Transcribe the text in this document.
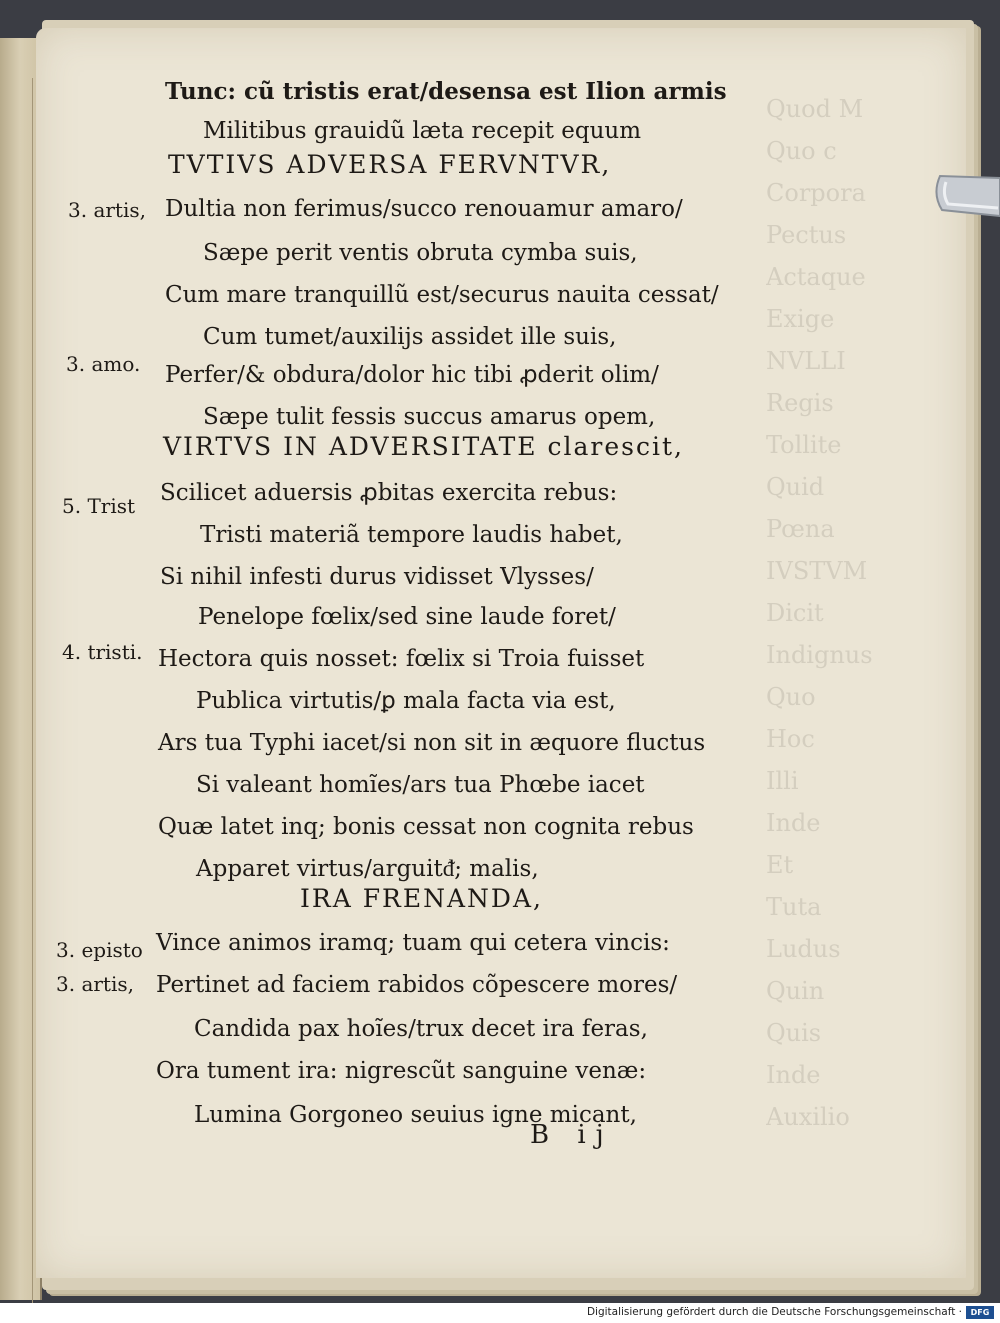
Quod M
Quo c
Corpora
Pectus
Actaque
Exige
NVLLI
Regis
Tollite
Quid
Pœna
IVSTVM
Dicit
Indignus
Quo
Hoc
Illi
Inde
Et
Tuta
Ludus
Quin
Quis
Inde
Auxilio
Tunc: cũ tristis erat/desensa est Ilion armis
Militibus grauidũ læta recepit equum
TVTIVS ADVERSA FERVNTVR,
Dultia non ferimus/succo renouamur amaro/
Sæpe perit ventis obruta cymba suis,
Cum mare tranquillũ est/securus nauita cessat/
Cum tumet/auxilijs assidet ille suis,
Perfer/& obdura/dolor hic tibi ꝓderit olim/
Sæpe tulit fessis succus amarus opem,
VIRTVS IN ADVERSITATE clarescit,
Scilicet aduersis ꝓbitas exercita rebus:
Tristi materiã tempore laudis habet,
Si nihil infesti durus vidisset Vlysses/
Penelope fœlix/sed sine laude foret/
Hectora quis nosset: fœlix si Troia fuisset
Publica virtutis/ꝑ mala facta via est,
Ars tua Typhi iacet/si non sit in æquore fluctus
Si valeant homĩes/ars tua Phœbe iacet
Quæ latet inq; bonis cessat non cognita rebus
Apparet virtus/arguitᵭ; malis,
IRA FRENANDA,
Vince animos iramq; tuam qui cetera vincis:
Pertinet ad faciem rabidos cõpescere mores/
Candida pax hoĩes/trux decet ira feras,
Ora tument ira: nigrescũt sanguine venæ:
Lumina Gorgoneo seuius igne micant,
3. artis,
3. amo.
5. Trist
4. tristi.
3. episto
3. artis,
B ij
Digitalisierung gefördert durch die Deutsche Forschungsgemeinschaft ·	DFG
